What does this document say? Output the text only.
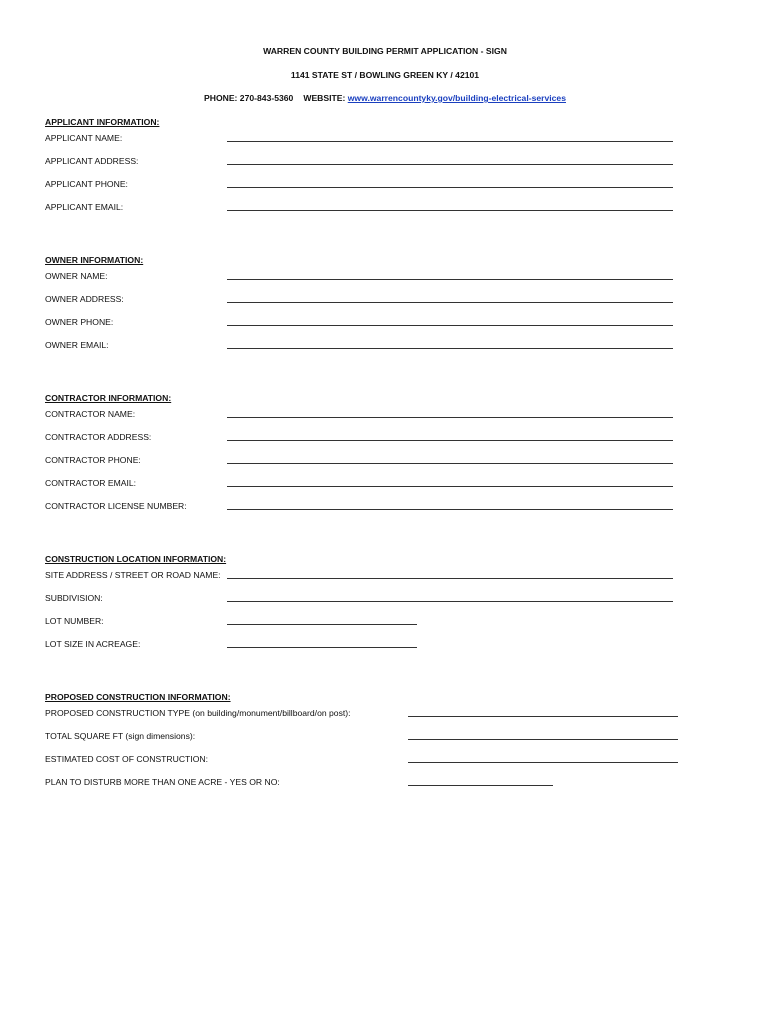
WARREN COUNTY BUILDING PERMIT APPLICATION - SIGN
1141 STATE ST / BOWLING GREEN KY / 42101
PHONE: 270-843-5360 WEBSITE: www.warrencountyky.gov/building-electrical-services
APPLICANT INFORMATION:
APPLICANT NAME:
APPLICANT ADDRESS:
APPLICANT PHONE:
APPLICANT EMAIL:
OWNER INFORMATION:
OWNER NAME:
OWNER ADDRESS:
OWNER PHONE:
OWNER EMAIL:
CONTRACTOR INFORMATION:
CONTRACTOR NAME:
CONTRACTOR ADDRESS:
CONTRACTOR PHONE:
CONTRACTOR EMAIL:
CONTRACTOR LICENSE NUMBER:
CONSTRUCTION LOCATION INFORMATION:
SITE ADDRESS / STREET OR ROAD NAME:
SUBDIVISION:
LOT NUMBER:
LOT SIZE IN ACREAGE:
PROPOSED CONSTRUCTION INFORMATION:
PROPOSED CONSTRUCTION TYPE (on building/monument/billboard/on post):
TOTAL SQUARE FT (sign dimensions):
ESTIMATED COST OF CONSTRUCTION:
PLAN TO DISTURB MORE THAN ONE ACRE - YES OR NO:
